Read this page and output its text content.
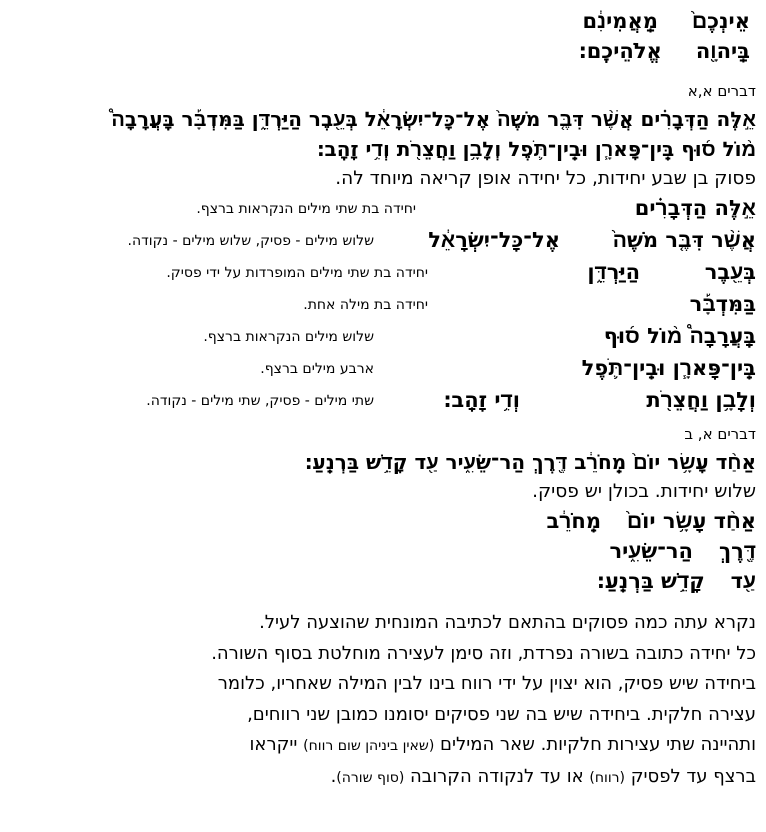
אֵינְכֶם֙
מַֽאֲמִינִ֔ם
בַּֽיהוָ֖ה
אֱלֹהֵיכֶֽם׃
דברים א,א
אֵ֣לֶּה הַדְּבָרִ֗ים אֲשֶׁ֨ר דִּבֶּ֤ר מֹשֶׁה֙ אֶל־כָּל־יִשְׂרָאֵ֔ל בְּעֵ֖בֶר הַיַּרְדֵּ֑ן בַּמִּדְבָּ֡ר בָּֽעֲרָבָה֩
מ֨וֹל ס֜וּף בֵּֽין־פָּארָ֧ן וּבֵֽין־תֹּ֛פֶל וְלָבָ֥ן וַחֲצֵרֹ֖ת וְדִ֥י זָהָֽב׃
פסוק בן שבע יחידות, כל יחידה אופן קריאה מיוחד לה.
אֵ֣לֶּה הַדְּבָרִ֗ים
יחידה בת שתי מילים הנקראות ברצף.
אֲשֶׁ֨ר דִּבֶּ֤ר מֹשֶׁה֙
אֶל־כָּל־יִשְׂרָאֵ֔ל
שלוש מילים - פסיק, שלוש מילים - נקודה.
בְּעֵ֖בֶר
הַיַּרְדֵּ֑ן
יחידה בת שתי מילים המופרדות על ידי פסיק.
בַּמִּדְבָּ֡ר
יחידה בת מילה אחת.
בָּֽעֲרָבָה֩ מ֨וֹל ס֜וּף
שלוש מילים הנקראות ברצף.
בֵּֽין־פָּארָ֧ן וּבֵֽין־תֹּ֛פֶל
ארבע מילים ברצף.
וְלָבָ֥ן וַחֲצֵרֹ֖ת
וְדִ֥י זָהָֽב׃
שתי מילים - פסיק, שתי מילים - נקודה.
דברים א, ב
אַחַ֨ד עָשָׂ֥ר יוֹם֙ מֵֽחֹרֵ֔ב דֶּ֖רֶךְ הַר־שֵׂעִ֑יר עַ֖ד קָדֵ֥שׁ בַּרְנֵֽעַ׃
שלוש יחידות. בכולן יש פסיק.
אַחַ֨ד עָשָׂ֥ר יוֹם֙מֵֽחֹרֵ֔ב
דֶּ֖רֶךְהַר־שֵׂעִ֑יר
עַ֖דקָדֵ֥שׁ בַּרְנֵֽעַ׃
נקרא עתה כמה פסוקים בהתאם לכתיבה המונחית שהוצעה לעיל.
כל יחידה כתובה בשורה נפרדת, וזה סימן לעצירה מוחלטת בסוף השורה.
ביחידה שיש פסיק, הוא יצוין על ידי רווח בינו לבין המילה שאחריו, כלומר
עצירה חלקית. ביחידה שיש בה שני פסיקים יסומנו כמובן שני רווחים,
ותהיינה שתי עצירות חלקיות. שאר המילים (שאין ביניהן שום רווח) ייקראו
ברצף עד לפסיק (רווח) או עד לנקודה הקרובה (סוף שורה).
